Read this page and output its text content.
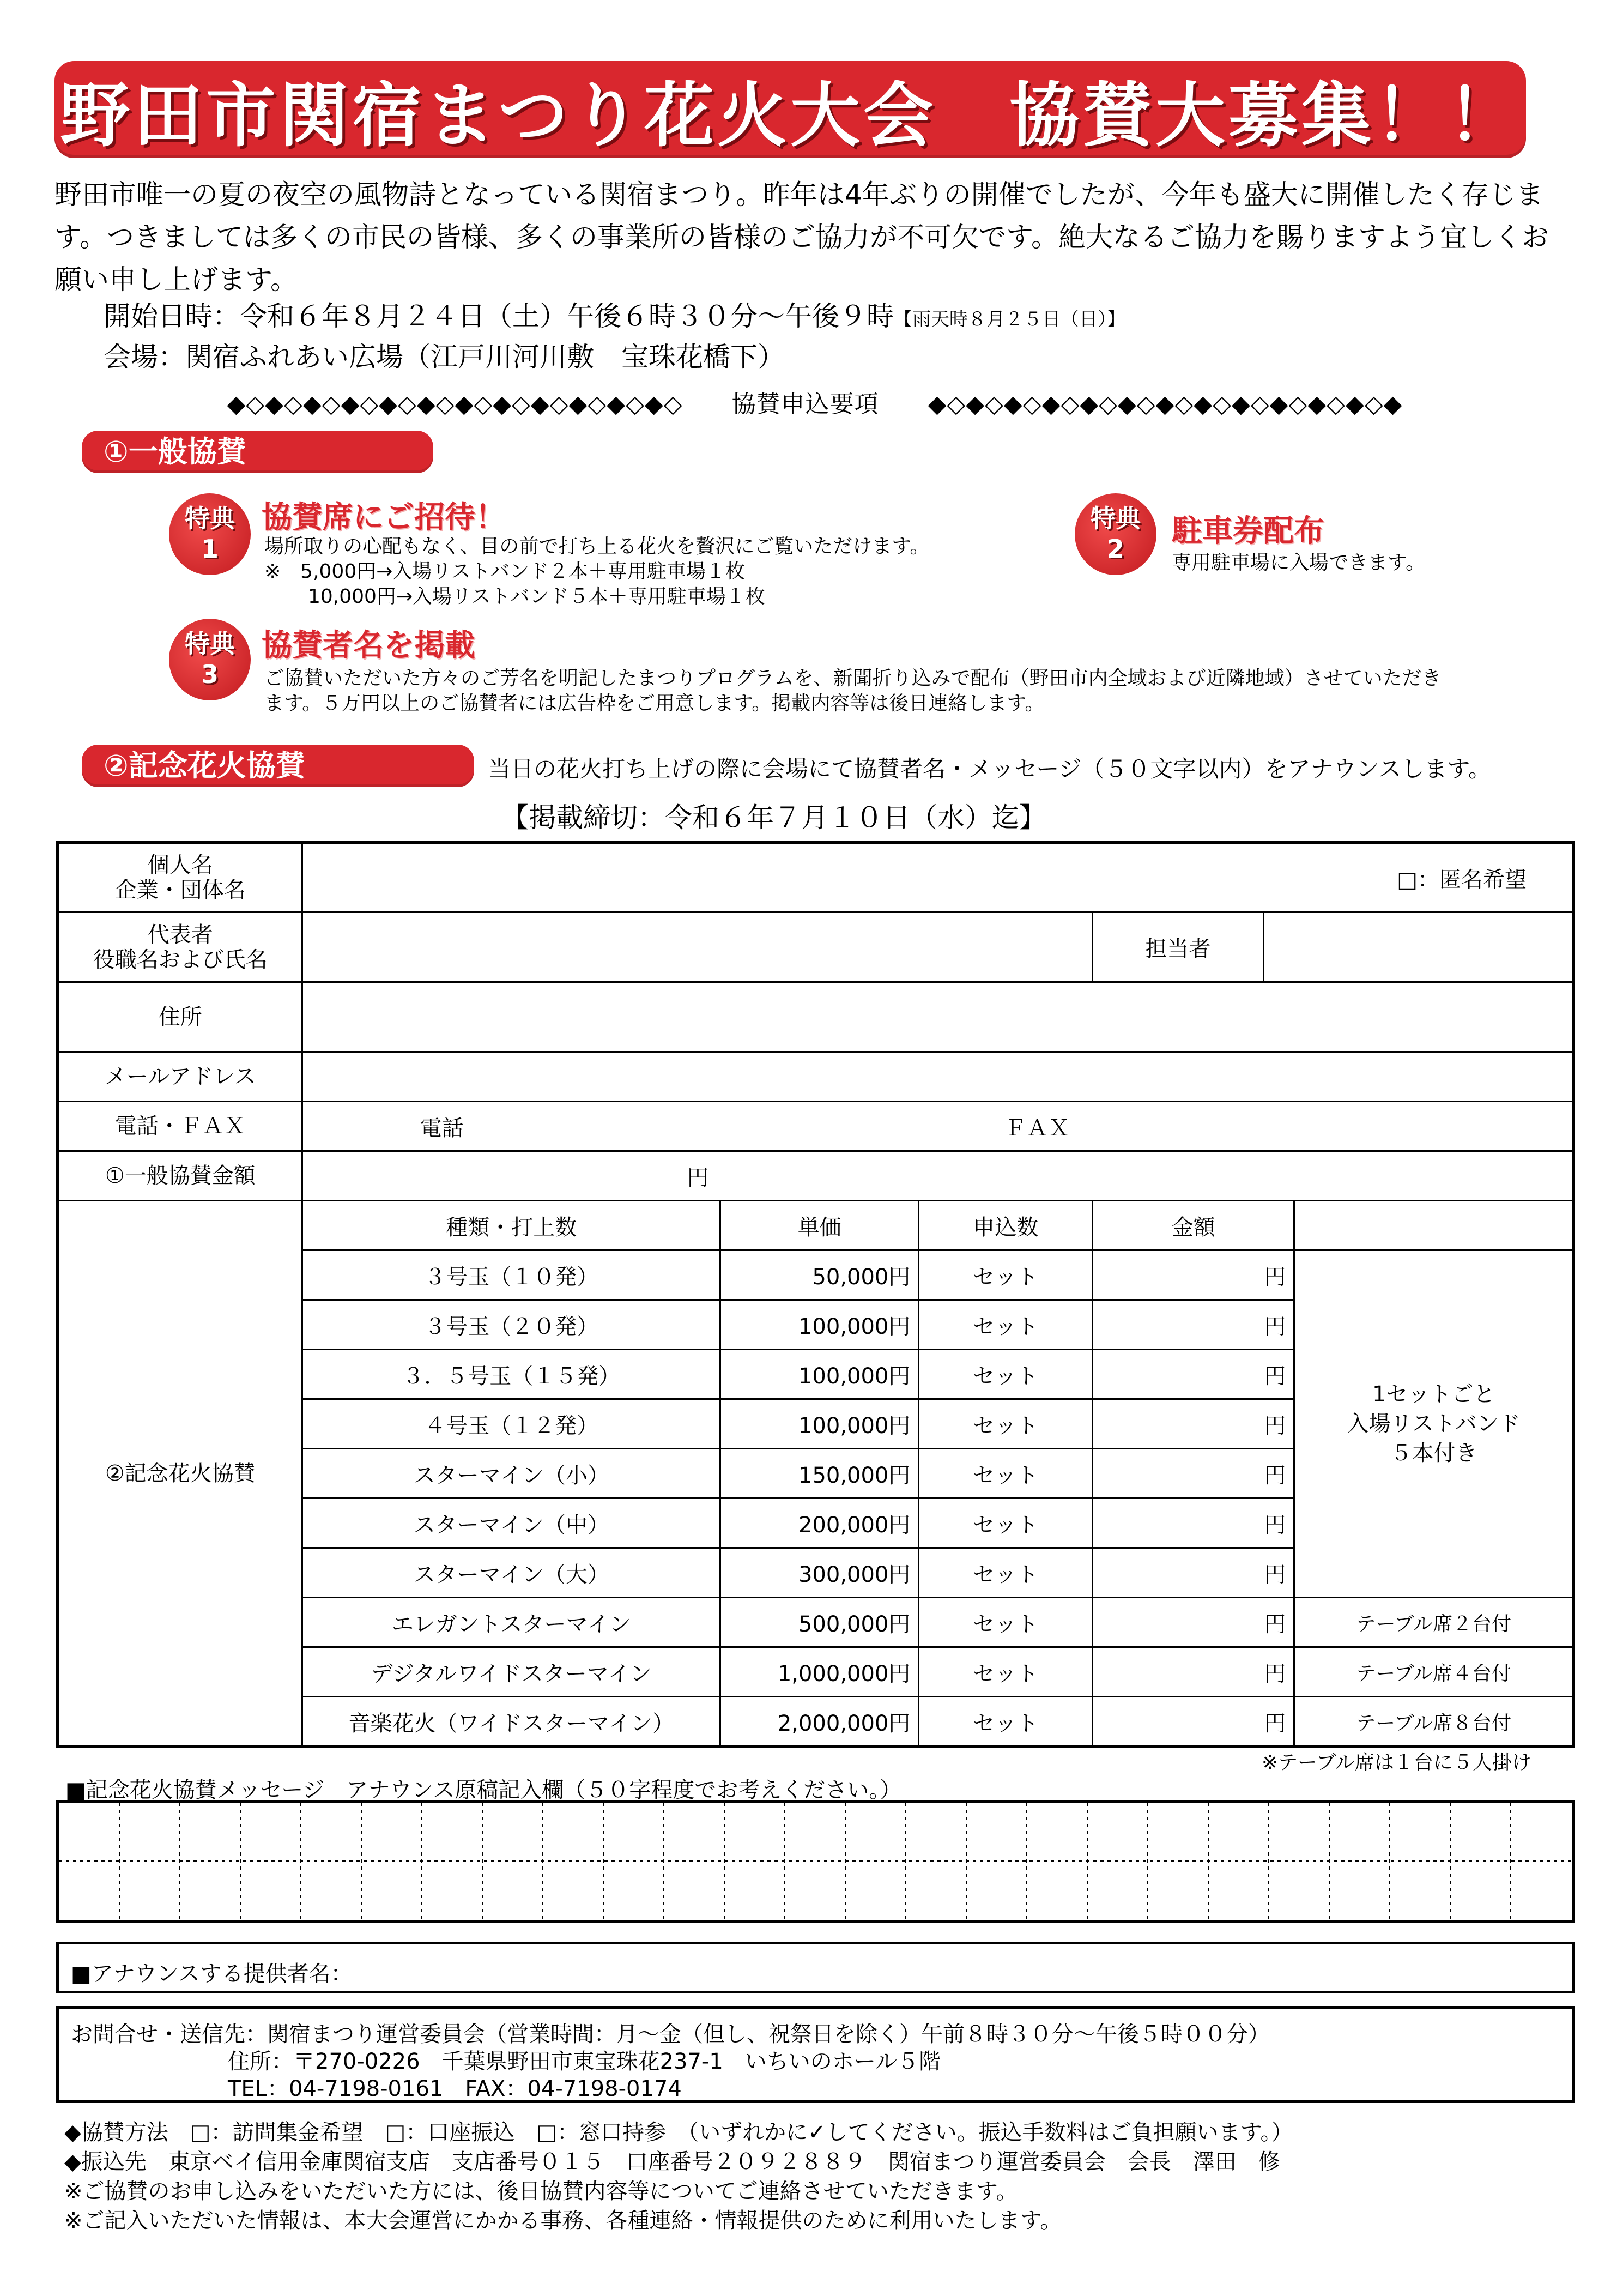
野田市関宿まつり花火大会　協賛大募集！！
野田市唯一の夏の夜空の風物詩となっている関宿まつり。昨年は4年ぶりの開催でしたが、今年も盛大に開催したく存じます。つきましては多くの市民の皆様、多くの事業所の皆様のご協力が不可欠です。絶大なるご協力を賜りますよう宜しくお願い申し上げます。
開始日時：令和６年８月２４日（土）午後６時３０分～午後９時【雨天時８月２５日（日）】
会場：関宿ふれあい広場（江戸川河川敷　宝珠花橋下）
◆◇◆◇◆◇◆◇◆◇◆◇◆◇◆◇◆◇◆◇◆◇◆◇　　協賛申込要項　　◆◇◆◇◆◇◆◇◆◇◆◇◆◇◆◇◆◇◆◇◆◇◆◇◆
①一般協賛
特典
1
協賛席にご招待！
場所取りの心配もなく、目の前で打ち上る花火を贅沢にご覧いただけます。
※　5,000円→入場リストバンド２本＋専用駐車場１枚
10,000円→入場リストバンド５本＋専用駐車場１枚
特典
2	駐車券配布
専用駐車場に入場できます。
特典
3
協賛者名を掲載
ご協賛いただいた方々のご芳名を明記したまつりプログラムを、新聞折り込みで配布（野田市内全域および近隣地域）させていただき
ます。５万円以上のご協賛者には広告枠をご用意します。掲載内容等は後日連絡します。
②記念花火協賛	当日の花火打ち上げの際に会場にて協賛者名・メッセージ（５０文字以内）をアナウンスします。
【掲載締切：令和６年７月１０日（水）迄】
個人名
企業・団体名	□：匿名希望					

代表者
役職名および氏名				担当者		
住所						
メールアドレス						
電話・ＦＡＸ	電話 ＦＡＸ					
①一般協賛金額	円					
②記念花火協賛	種類・打上数	単価	申込数	金額		
	３号玉（１０発）	50,000円	セット	円		1セットごと
入場リストバンド
５本付き

	３号玉（２０発）	100,000円	セット	円		
	３．５号玉（１５発）	100,000円	セット	円		
	４号玉（１２発）	100,000円	セット	円		
	スターマイン（小）	150,000円	セット	円		
	スターマイン（中）	200,000円	セット	円		
	スターマイン（大）	300,000円	セット	円		
	エレガントスターマイン	500,000円	セット	円		テーブル席２台付
	デジタルワイドスターマイン	1,000,000円	セット	円		テーブル席４台付
	音楽花火（ワイドスターマイン）	2,000,000円	セット	円		テーブル席８台付
※テーブル席は１台に５人掛け
■記念花火協賛メッセージ　アナウンス原稿記入欄（５０字程度でお考えください。）
■アナウンスする提供者名：
お問合せ・送信先：関宿まつり運営委員会（営業時間：月～金（但し、祝祭日を除く）午前８時３０分～午後５時００分）
住所：〒270-0226　千葉県野田市東宝珠花237-1　いちいのホール５階
TEL：04-7198-0161　FAX：04-7198-0174
◆協賛方法　□：訪問集金希望　□：口座振込　□：窓口持参　（いずれかに✓してください。振込手数料はご負担願います。）
◆振込先　東京ベイ信用金庫関宿支店　支店番号０１５　口座番号２０９２８８９　関宿まつり運営委員会　会長　澤田　修
※ご協賛のお申し込みをいただいた方には、後日協賛内容等についてご連絡させていただきます。
※ご記入いただいた情報は、本大会運営にかかる事務、各種連絡・情報提供のために利用いたします。
